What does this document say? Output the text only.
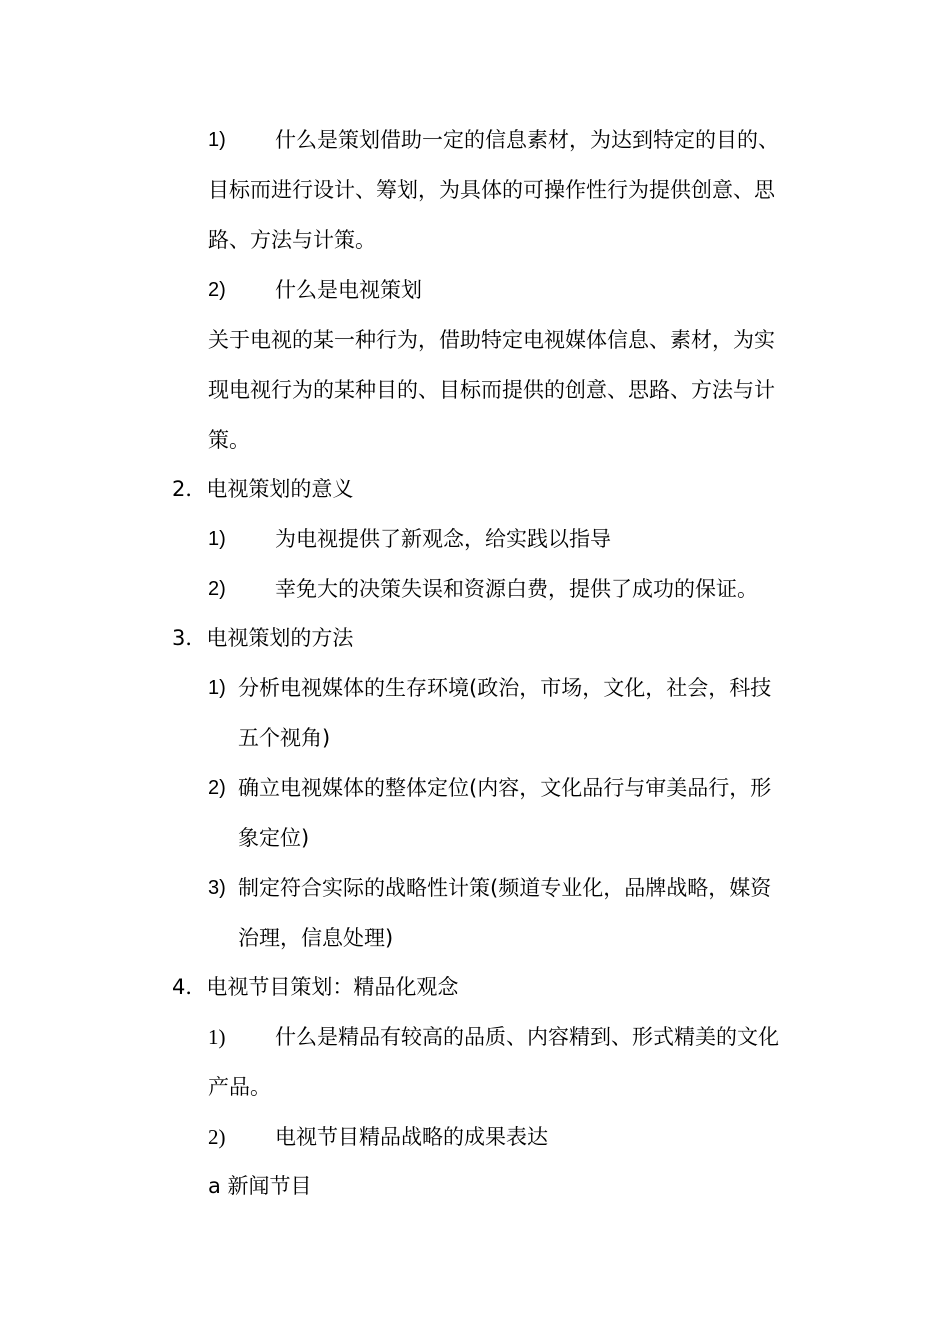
1) 什么是策划借助一定的信息素材，为达到特定的目的、
目标而进行设计、筹划，为具体的可操作性行为提供创意、思
路、方法与计策。
2) 什么是电视策划
关于电视的某一种行为，借助特定电视媒体信息、素材，为实
现电视行为的某种目的、目标而提供的创意、思路、方法与计
策。
2．电视策划的意义
1) 为电视提供了新观念，给实践以指导
2) 幸免大的决策失误和资源白费，提供了成功的保证。
3．电视策划的方法
1) 分析电视媒体的生存环境(政治，市场，文化，社会，科技
五个视角)
2) 确立电视媒体的整体定位(内容，文化品行与审美品行，形
象定位)
3) 制定符合实际的战略性计策(频道专业化，品牌战略，媒资
治理，信息处理)
4．电视节目策划：精品化观念
1) 什么是精品有较高的品质、内容精到、形式精美的文化
产品。
2) 电视节目精品战略的成果表达
a 新闻节目
